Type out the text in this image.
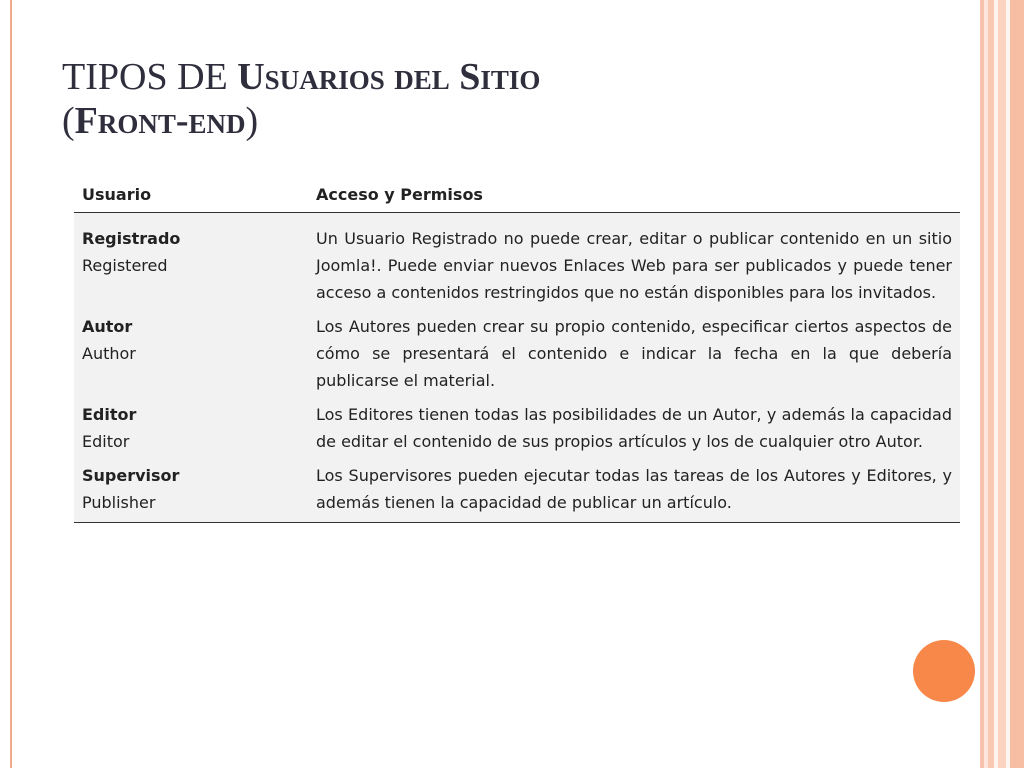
TIPOS DE Usuarios del Sitio
(Front-end)
Usuario	Acceso y Permisos

Registrado
Registered	Un Usuario Registrado no puede crear, editar o publicar contenido en un sitio Joomla!. Puede enviar nuevos Enlaces Web para ser publicados y puede tener acceso a contenidos restringidos que no están disponibles para los invitados.

Autor
Author	Los Autores pueden crear su propio contenido, especificar ciertos aspectos de cómo se presentará el contenido e indicar la fecha en la que debería publicarse el material.

Editor
Editor	Los Editores tienen todas las posibilidades de un Autor, y además la capacidad de editar el contenido de sus propios artículos y los de cualquier otro Autor.

Supervisor
Publisher	Los Supervisores pueden ejecutar todas las tareas de los Autores y Editores, y además tienen la capacidad de publicar un artículo.
